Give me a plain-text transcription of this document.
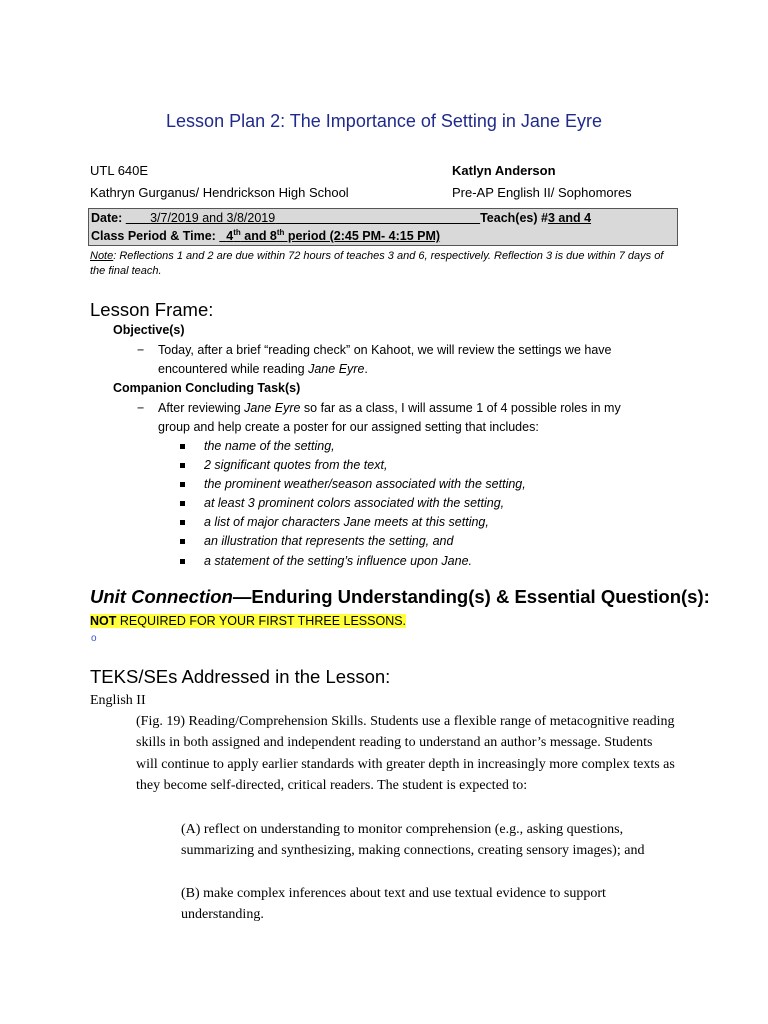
Lesson Plan 2: The Importance of Setting in Jane Eyre
UTL 640E	Katlyn Anderson
Kathryn Gurganus/ Hendrickson High School	Pre-AP English II/ Sophomores
Date: 3/7/2019 and 3/8/2019	Teach(es) #3 and 4
Class Period & Time: 4th and 8th period (2:45 PM- 4:15 PM)
Note: Reflections 1 and 2 are due within 72 hours of teaches 3 and 6, respectively. Reflection 3 is due within 7 days of the final teach.
Lesson Frame:
Objective(s)
− Today, after a brief “reading check” on Kahoot, we will review the settings we have
encountered while reading Jane Eyre.
Companion Concluding Task(s)
− After reviewing Jane Eyre so far as a class, I will assume 1 of 4 possible roles in my
group and help create a poster for our assigned setting that includes:
the name of the setting,
2 significant quotes from the text,
the prominent weather/season associated with the setting,
at least 3 prominent colors associated with the setting,
a list of major characters Jane meets at this setting,
an illustration that represents the setting, and
a statement of the setting’s influence upon Jane.
Unit Connection—Enduring Understanding(s) & Essential Question(s):
NOT REQUIRED FOR YOUR FIRST THREE LESSONS.
o
TEKS/SEs Addressed in the Lesson:
English II
(Fig. 19) Reading/Comprehension Skills. Students use a flexible range of metacognitive reading skills in both assigned and independent reading to understand an author’s message. Students will continue to apply earlier standards with greater depth in increasingly more complex texts as they become self-directed, critical readers. The student is expected to:
(A) reflect on understanding to monitor comprehension (e.g., asking questions, summarizing and synthesizing, making connections, creating sensory images); and
(B) make complex inferences about text and use textual evidence to support understanding.
